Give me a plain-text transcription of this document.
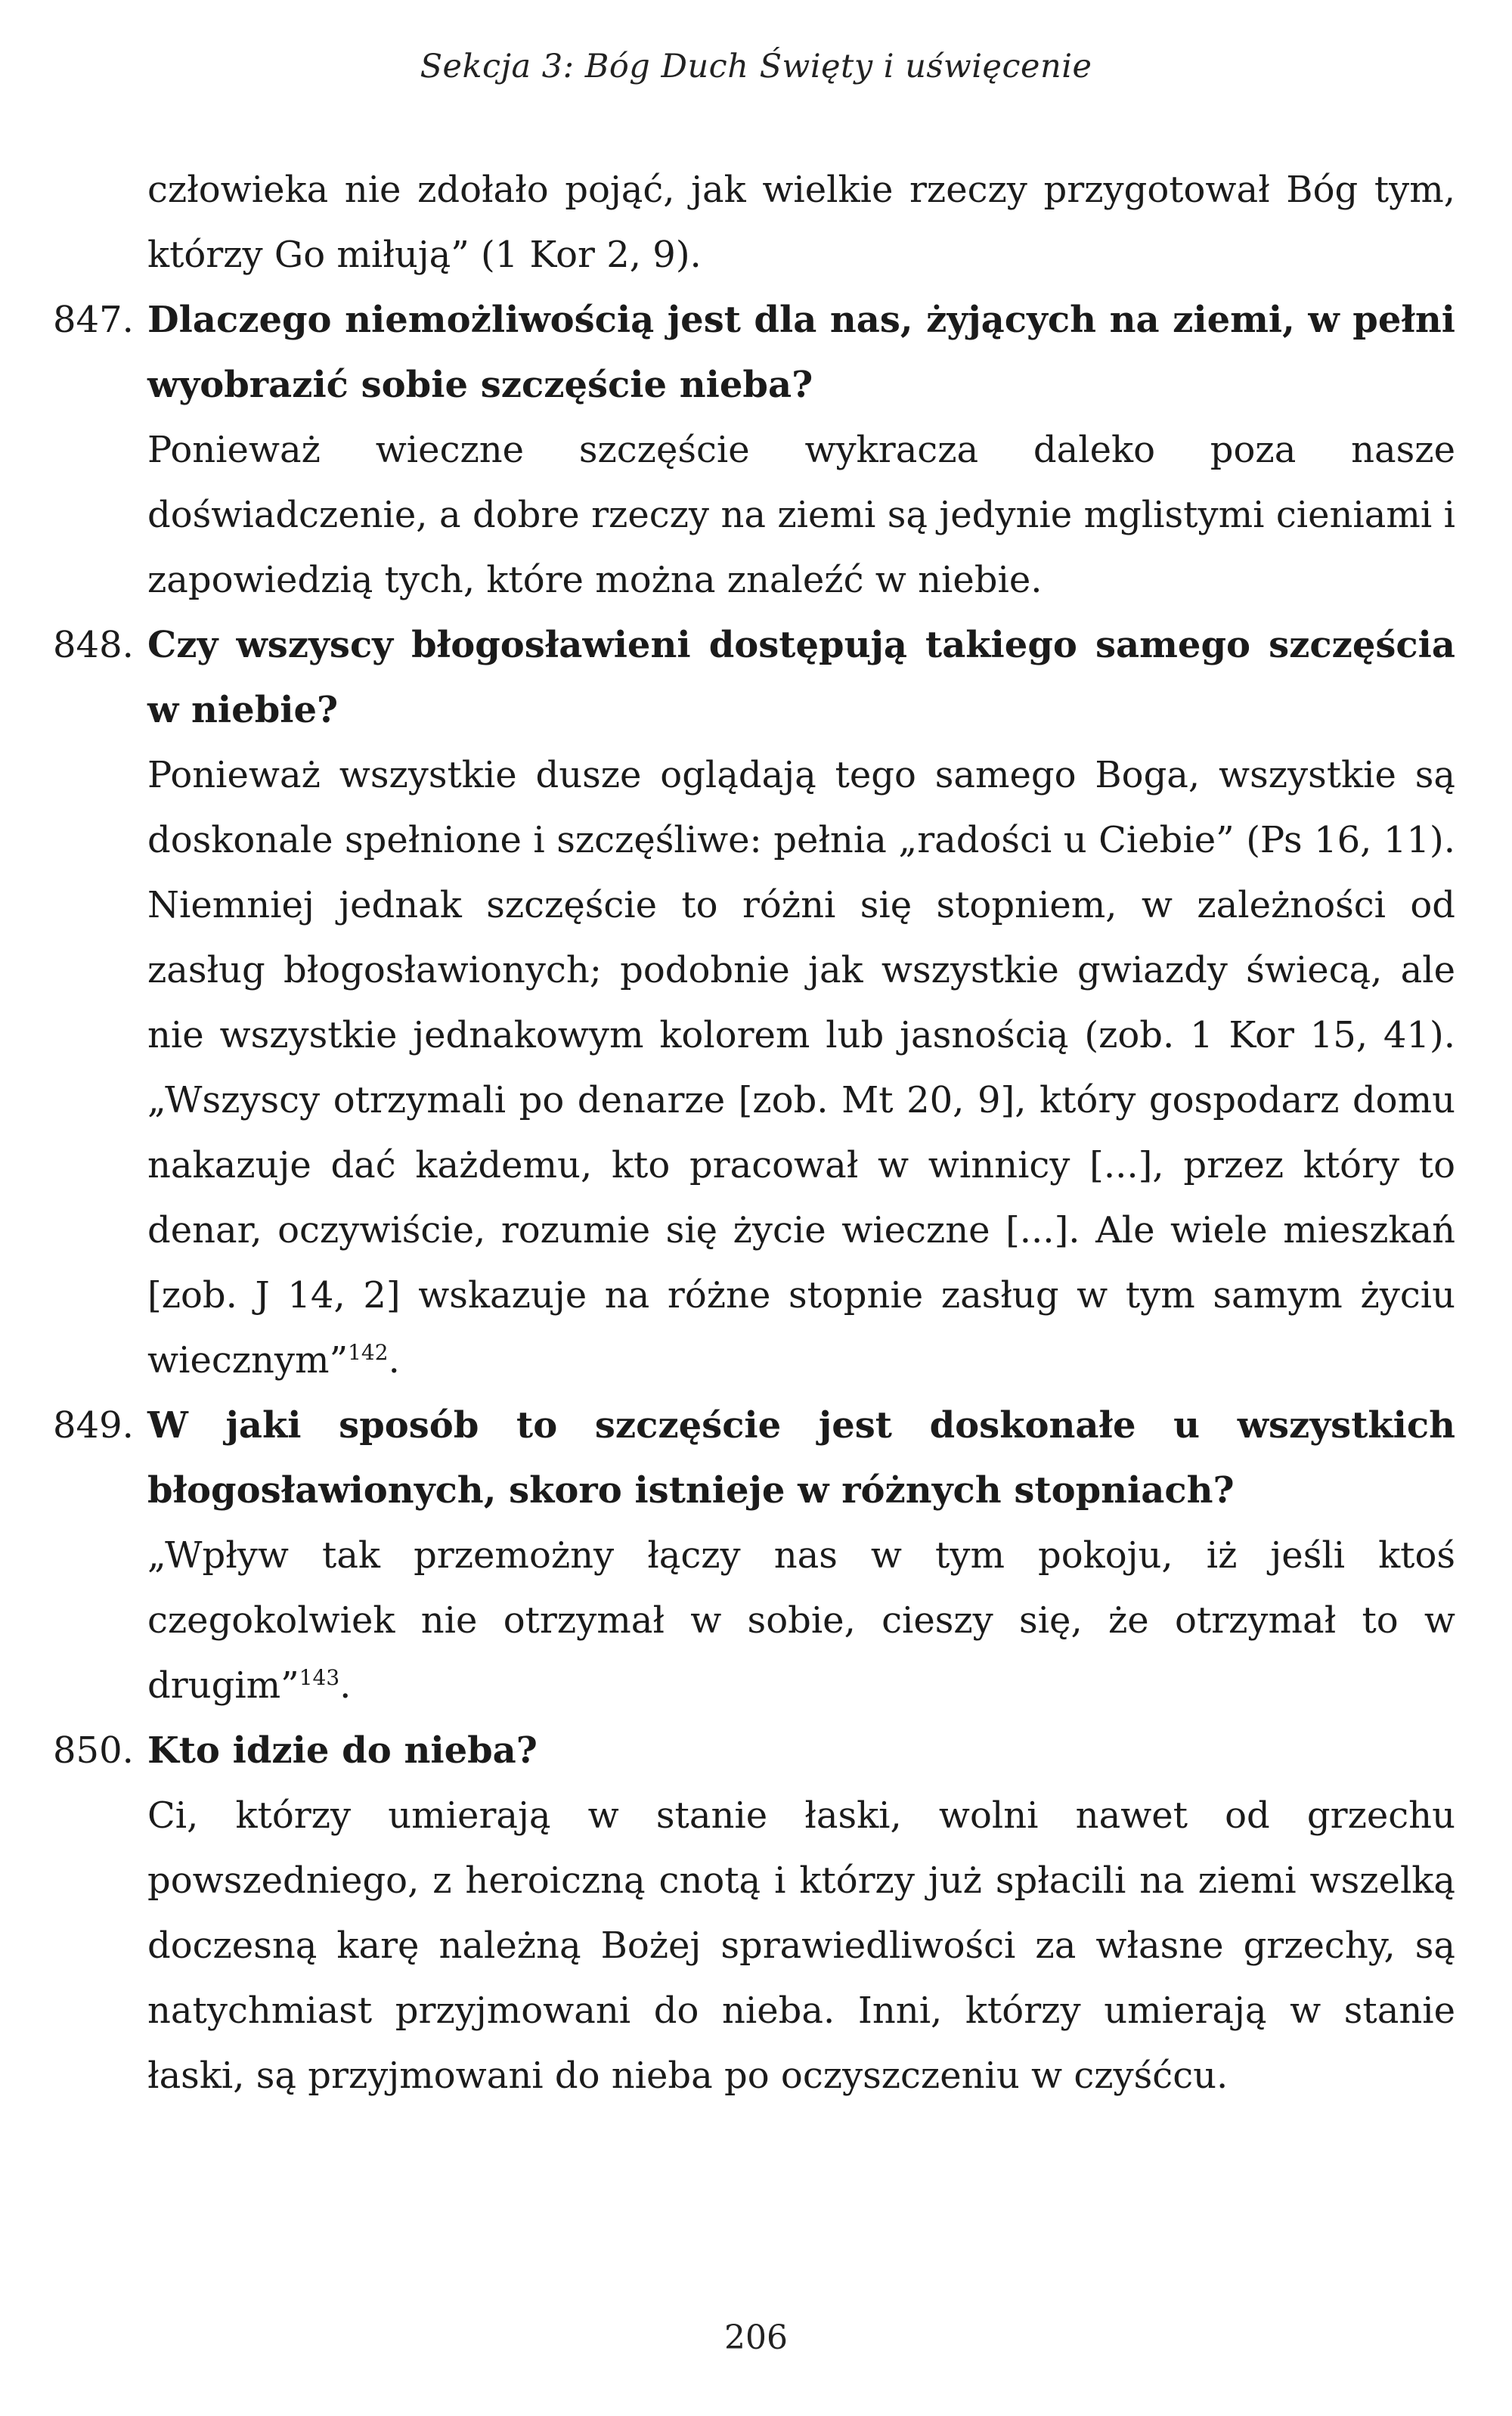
Sekcja 3: Bóg Duch Święty i uświęcenie

człowieka nie zdołało pojąć, jak wielkie rzeczy przygotował Bóg tym, którzy Go miłują” (1 Kor 2, 9).

847. Dlaczego niemożliwością jest dla nas, żyjących na ziemi, w pełni wyobrazić sobie szczęście nieba?

Ponieważ wieczne szczęście wykracza daleko poza nasze doświadczenie, a dobre rzeczy na ziemi są jedynie mglistymi cieniami i zapowiedzią tych, które można znaleźć w niebie.

848. Czy wszyscy błogosławieni dostępują takiego samego szczęścia w niebie?

Ponieważ wszystkie dusze oglądają tego samego Boga, wszystkie są doskonale spełnione i szczęśliwe: pełnia „radości u Ciebie” (Ps 16, 11). Niemniej jednak szczęście to różni się stopniem, w zależności od zasług błogosławionych; podobnie jak wszystkie gwiazdy świecą, ale nie wszystkie jednakowym kolorem lub jasnością (zob. 1 Kor 15, 41). „Wszyscy otrzymali po denarze [zob. Mt 20, 9], który gospodarz domu nakazuje dać każdemu, kto pracował w winnicy [...], przez który to denar, oczywiście, rozumie się życie wieczne [...]. Ale wiele mieszkań [zob. J 14, 2] wskazuje na różne stopnie zasług w tym samym życiu wiecznym”$^{142}$.

849. W jaki sposób to szczęście jest doskonałe u wszystkich błogosławionych, skoro istnieje w różnych stopniach?

„Wpływ tak przemożny łączy nas w tym pokoju, iż jeśli ktoś czegokolwiek nie otrzymał w sobie, cieszy się, że otrzymał to w drugim”$^{143}$.

850. Kto idzie do nieba?

Ci, którzy umierają w stanie łaski, wolni nawet od grzechu powszedniego, z heroiczną cnotą i którzy już spłacili na ziemi wszelką doczesną karę należną Bożej sprawiedliwości za własne grzechy, są natychmiast przyjmowani do nieba. Inni, którzy umierają w stanie łaski, są przyjmowani do nieba po oczyszczeniu w czyśćcu.

206
